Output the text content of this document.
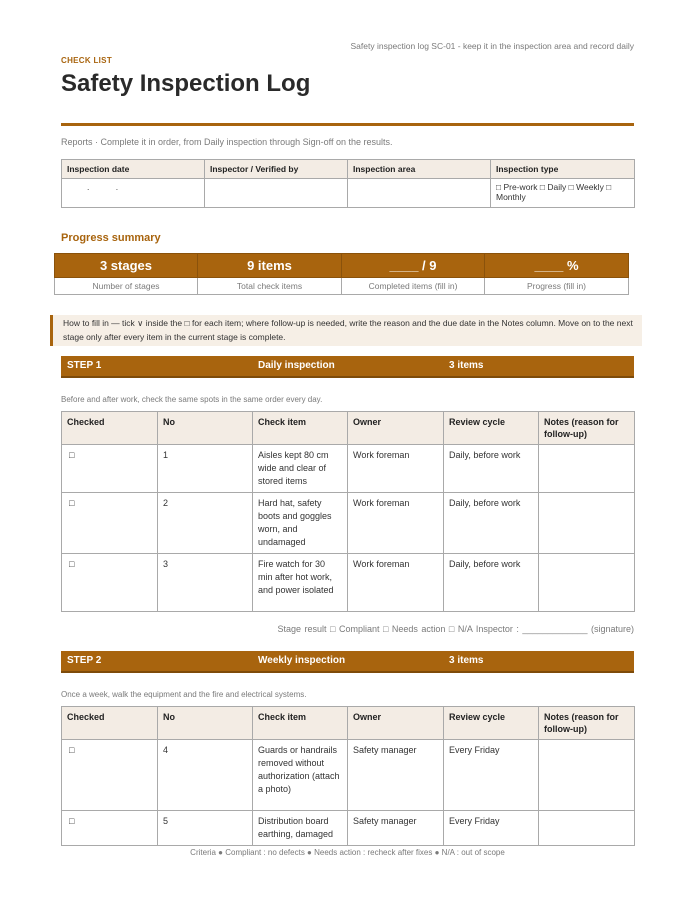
Safety inspection log SC-01 - keep it in the inspection area and record daily
CHECK LIST
Safety Inspection Log
Reports · Complete it in order, from Daily inspection through Sign-off on the results.
Inspection date	Inspector / Verified by	Inspection area	Inspection type
. .			□ Pre-work □ Daily □ Weekly □ Monthly
Progress summary
3 stages	9 items	____ / 9	____ %
Number of stages	Total check items	Completed items (fill in)	Progress (fill in)
How to fill in — tick ∨ inside the □ for each item; where follow-up is needed, write the reason and the due date in the Notes column. Move on to the next stage only after every item in the current stage is complete.
STEP 1	Daily inspection	3 items
Before and after work, check the same spots in the same order every day.
Checked	No	Check item	Owner	Review cycle	Notes (reason for follow-up)
□	1	Aisles kept 80 cm wide and clear of stored items	Work foreman	Daily, before work	
□	2	Hard hat, safety boots and goggles worn, and undamaged	Work foreman	Daily, before work	
□	3	Fire watch for 30 min after hot work, and power isolated	Work foreman	Daily, before work	
Stage result □ Compliant □ Needs action □ N/A Inspector : _____________ (signature)
STEP 2	Weekly inspection	3 items
Once a week, walk the equipment and the fire and electrical systems.
Checked	No	Check item	Owner	Review cycle	Notes (reason for follow-up)
□	4	Guards or handrails removed without authorization (attach a photo)	Safety manager	Every Friday	
□	5	Distribution board earthing, damaged	Safety manager	Every Friday	
Criteria ● Compliant : no defects ● Needs action : recheck after fixes ● N/A : out of scope
